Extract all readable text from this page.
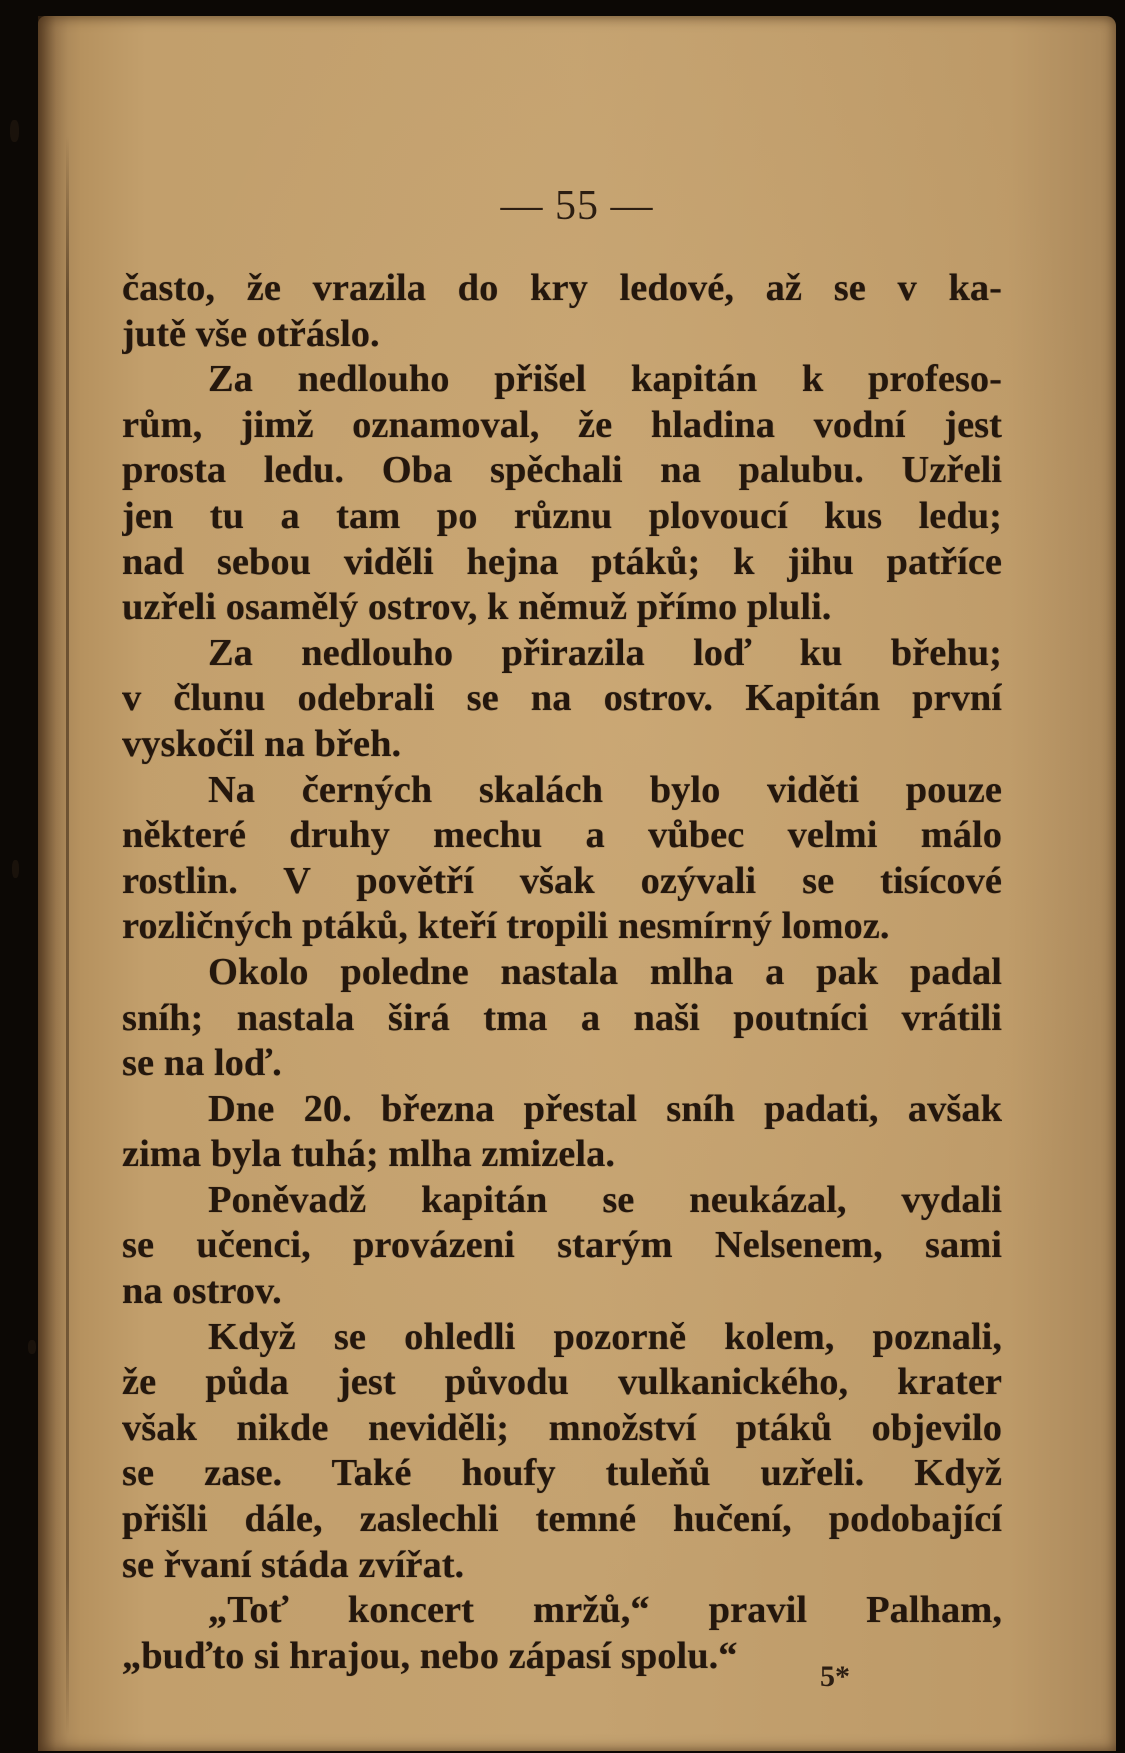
— 55 —
často, že vrazila do kry ledové, až se v ka-
jutě vše otřáslo.
Za nedlouho přišel kapitán k profeso-
rům, jimž oznamoval, že hladina vodní jest
prosta ledu. Oba spěchali na palubu. Uzřeli
jen tu a tam po různu plovoucí kus ledu;
nad sebou viděli hejna ptáků; k jihu patříce
uzřeli osamělý ostrov, k němuž přímo pluli.
Za nedlouho přirazila loď ku břehu;
v člunu odebrali se na ostrov. Kapitán první
vyskočil na břeh.
Na černých skalách bylo viděti pouze
některé druhy mechu a vůbec velmi málo
rostlin. V povětří však ozývali se tisícové
rozličných ptáků, kteří tropili nesmírný lomoz.
Okolo poledne nastala mlha a pak padal
sníh; nastala širá tma a naši poutníci vrátili
se na loď.
Dne 20. března přestal sníh padati, avšak
zima byla tuhá; mlha zmizela.
Poněvadž kapitán se neukázal, vydali
se učenci, provázeni starým Nelsenem, sami
na ostrov.
Když se ohledli pozorně kolem, poznali,
že půda jest původu vulkanického, krater
však nikde neviděli; množství ptáků objevilo
se zase. Také houfy tuleňů uzřeli. Když
přišli dále, zaslechli temné hučení, podobající
se řvaní stáda zvířat.
„Toť koncert mržů,“ pravil Palham,
„buďto si hrajou, nebo zápasí spolu.“	5*
